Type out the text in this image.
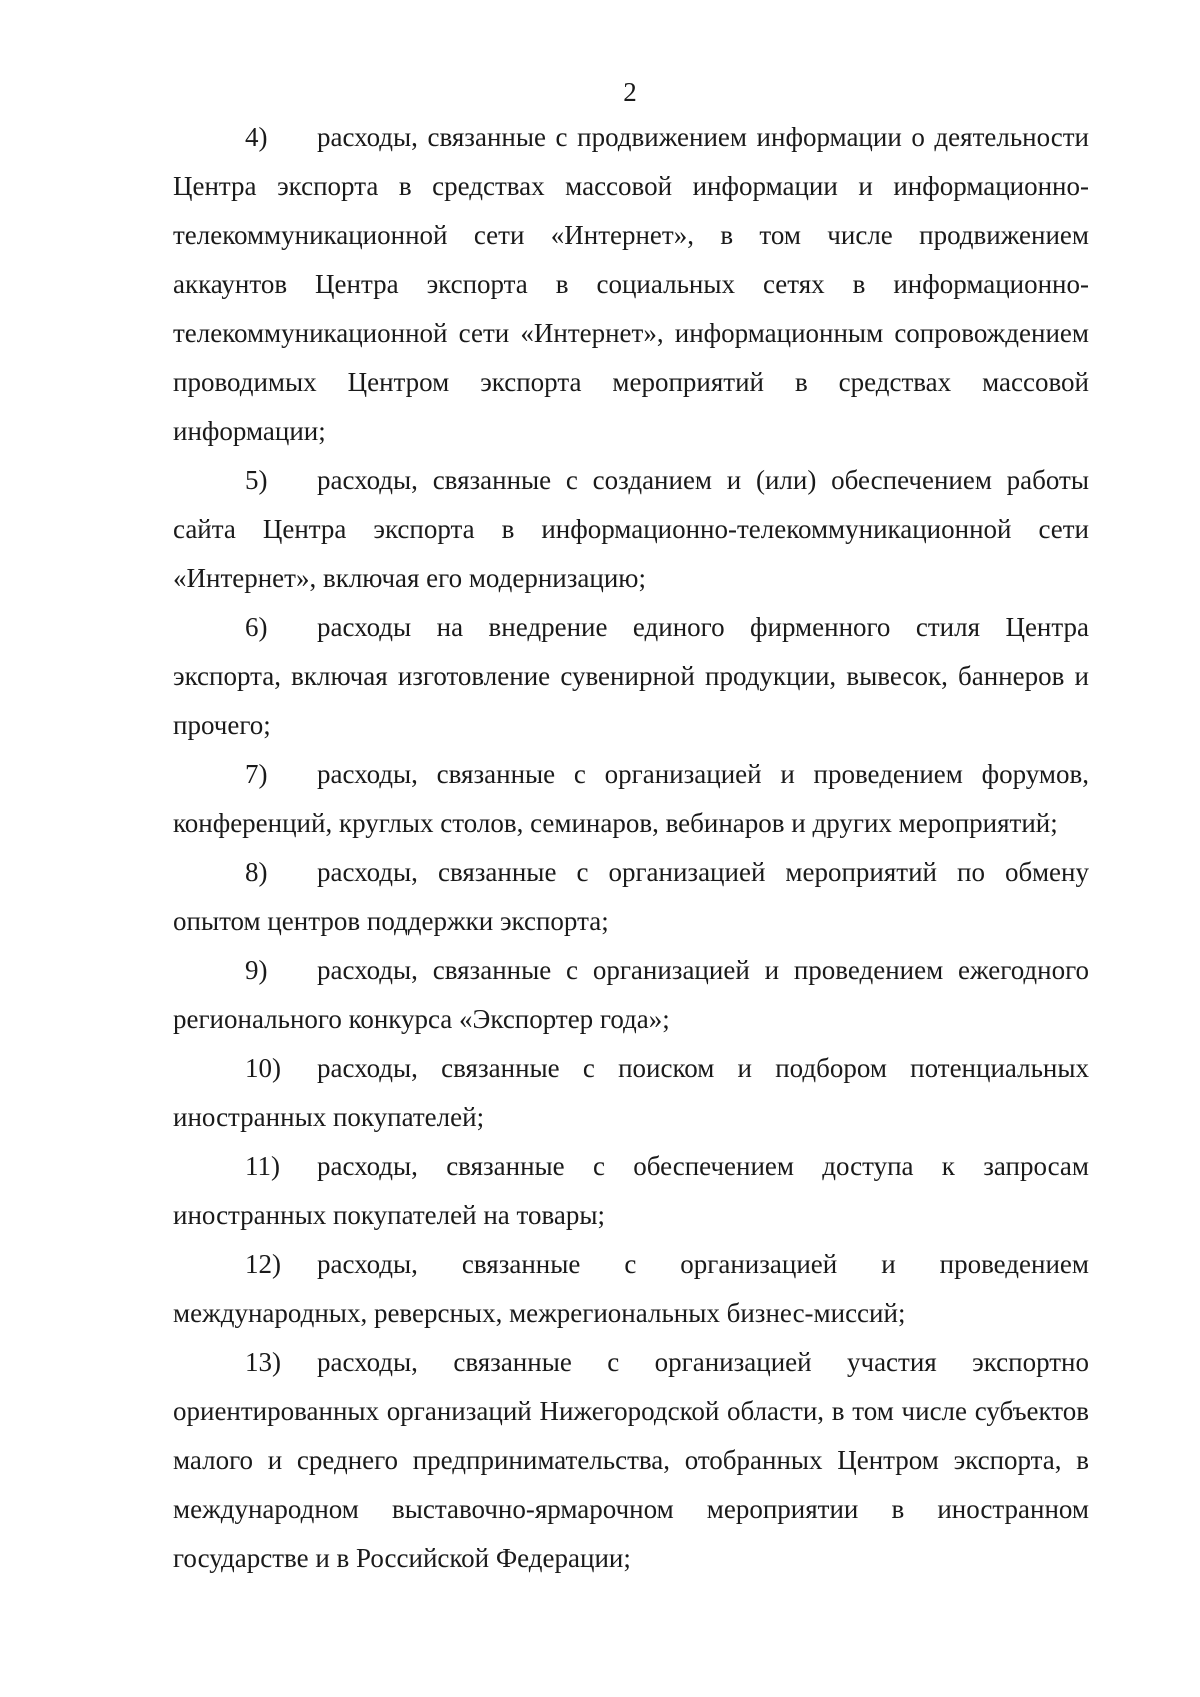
2

4) расходы, связанные с продвижением информации о деятельности Центра экспорта в средствах массовой информации и информационно-телекоммуникационной сети «Интернет», в том числе продвижением аккаунтов Центра экспорта в социальных сетях в информационно-телекоммуникационной сети «Интернет», информационным сопровождением проводимых Центром экспорта мероприятий в средствах массовой информации;

5) расходы, связанные с созданием и (или) обеспечением работы сайта Центра экспорта в информационно-телекоммуникационной сети «Интернет», включая его модернизацию;

6) расходы на внедрение единого фирменного стиля Центра экспорта, включая изготовление сувенирной продукции, вывесок, баннеров и прочего;

7) расходы, связанные с организацией и проведением форумов, конференций, круглых столов, семинаров, вебинаров и других мероприятий;

8) расходы, связанные с организацией мероприятий по обмену опытом центров поддержки экспорта;

9) расходы, связанные с организацией и проведением ежегодного регионального конкурса «Экспортер года»;

10) расходы, связанные с поиском и подбором потенциальных иностранных покупателей;

11) расходы, связанные с обеспечением доступа к запросам иностранных покупателей на товары;

12) расходы, связанные с организацией и проведением международных, реверсных, межрегиональных бизнес-миссий;

13) расходы, связанные с организацией участия экспортно ориентированных организаций Нижегородской области, в том числе субъектов малого и среднего предпринимательства, отобранных Центром экспорта, в международном выставочно-ярмарочном мероприятии в иностранном государстве и в Российской Федерации;
